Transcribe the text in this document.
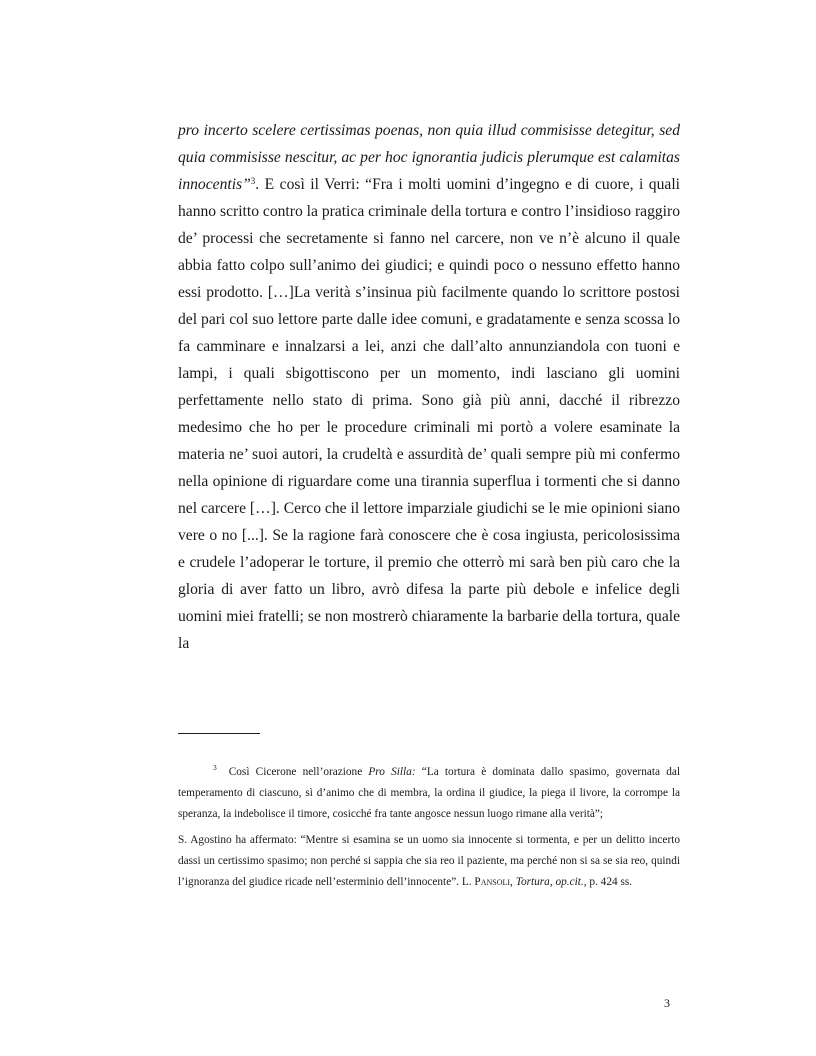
pro incerto scelere certissimas poenas, non quia illud commisisse detegitur, sed quia commisisse nescitur, ac per hoc ignorantia judicis plerumque est calamitas innocentis”$^3$. E così il Verri: “Fra i molti uomini d’ingegno e di cuore, i quali hanno scritto contro la pratica criminale della tortura e contro l’insidioso raggiro de’ processi che secretamente si fanno nel carcere, non ve n’è alcuno il quale abbia fatto colpo sull’animo dei giudici; e quindi poco o nessuno effetto hanno essi prodotto. […]La verità s’insinua più facilmente quando lo scrittore postosi del pari col suo lettore parte dalle idee comuni, e gradatamente e senza scossa lo fa camminare e innalzarsi a lei, anzi che dall’alto annunziandola con tuoni e lampi, i quali sbigottiscono per un momento, indi lasciano gli uomini perfettamente nello stato di prima. Sono già più anni, dacché il ribrezzo medesimo che ho per le procedure criminali mi portò a volere esaminate la materia ne’ suoi autori, la crudeltà e assurdità de’ quali sempre più mi confermo nella opinione di riguardare come una tirannia superflua i tormenti che si danno nel carcere […]. Cerco che il lettore imparziale giudichi se le mie opinioni siano vere o no [...]. Se la ragione farà conoscere che è cosa ingiusta, pericolosissima e crudele l’adoperar le torture, il premio che otterrò mi sarà ben più caro che la gloria di aver fatto un libro, avrò difesa la parte più debole e infelice degli uomini miei fratelli; se non mostrerò chiaramente la barbarie della tortura, quale la

$^3$ Così Cicerone nell’orazione Pro Silla: “La tortura è dominata dallo spasimo, governata dal temperamento di ciascuno, sì d’animo che di membra, la ordina il giudice, la piega il livore, la corrompe la speranza, la indebolisce il timore, cosicché fra tante angosce nessun luogo rimane alla verità”;

S. Agostino ha affermato: “Mentre si esamina se un uomo sia innocente si tormenta, e per un delitto incerto dassi un certissimo spasimo; non perché si sappia che sia reo il paziente, ma perché non si sa se sia reo, quindi l’ignoranza del giudice ricade nell’esterminio dell’innocente”. L. Pansoli, Tortura, op.cit., p. 424 ss.

3
